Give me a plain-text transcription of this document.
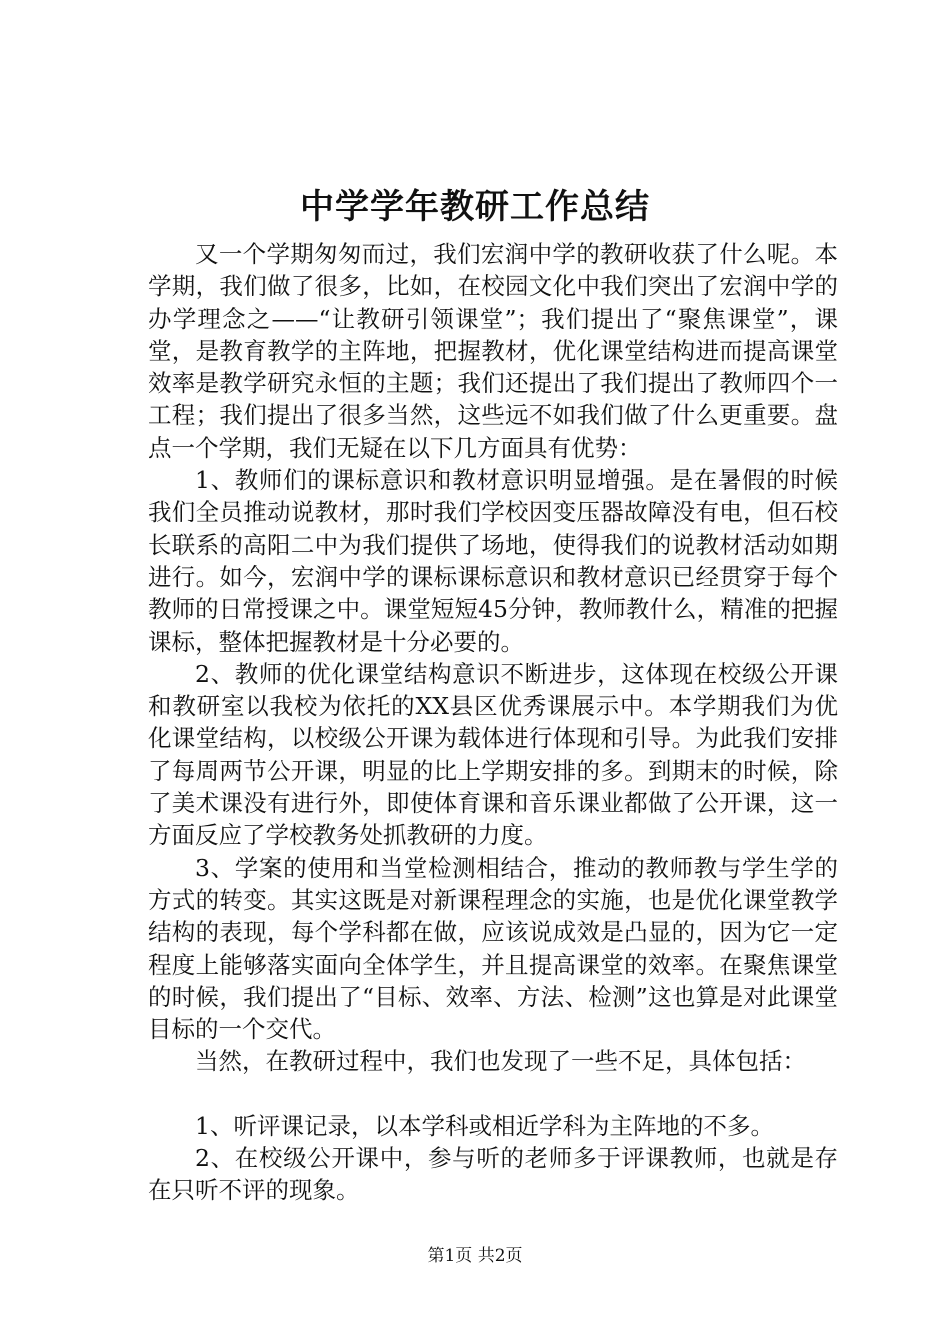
中学学年教研工作总结

又一个学期匆匆而过，我们宏润中学的教研收获了什么呢。本学期，我们做了很多，比如，在校园文化中我们突出了宏润中学的办学理念之——“让教研引领课堂”；我们提出了“聚焦课堂”，课堂，是教育教学的主阵地，把握教材，优化课堂结构进而提高课堂效率是教学研究永恒的主题；我们还提出了我们提出了教师四个一工程；我们提出了很多当然，这些远不如我们做了什么更重要。盘点一个学期，我们无疑在以下几方面具有优势：

1、教师们的课标意识和教材意识明显增强。是在暑假的时候我们全员推动说教材，那时我们学校因变压器故障没有电，但石校长联系的高阳二中为我们提供了场地，使得我们的说教材活动如期进行。如今，宏润中学的课标课标意识和教材意识已经贯穿于每个教师的日常授课之中。课堂短短45分钟，教师教什么，精准的把握课标，整体把握教材是十分必要的。

2、教师的优化课堂结构意识不断进步，这体现在校级公开课和教研室以我校为依托的XX县区优秀课展示中。本学期我们为优化课堂结构，以校级公开课为载体进行体现和引导。为此我们安排了每周两节公开课，明显的比上学期安排的多。到期末的时候，除了美术课没有进行外，即使体育课和音乐课业都做了公开课，这一方面反应了学校教务处抓教研的力度。

3、学案的使用和当堂检测相结合，推动的教师教与学生学的方式的转变。其实这既是对新课程理念的实施，也是优化课堂教学结构的表现，每个学科都在做，应该说成效是凸显的，因为它一定程度上能够落实面向全体学生，并且提高课堂的效率。在聚焦课堂的时候，我们提出了“目标、效率、方法、检测”这也算是对此课堂目标的一个交代。

当然，在教研过程中，我们也发现了一些不足，具体包括：

1、听评课记录，以本学科或相近学科为主阵地的不多。

2、在校级公开课中，参与听的老师多于评课教师，也就是存在只听不评的现象。

第1页 共2页
